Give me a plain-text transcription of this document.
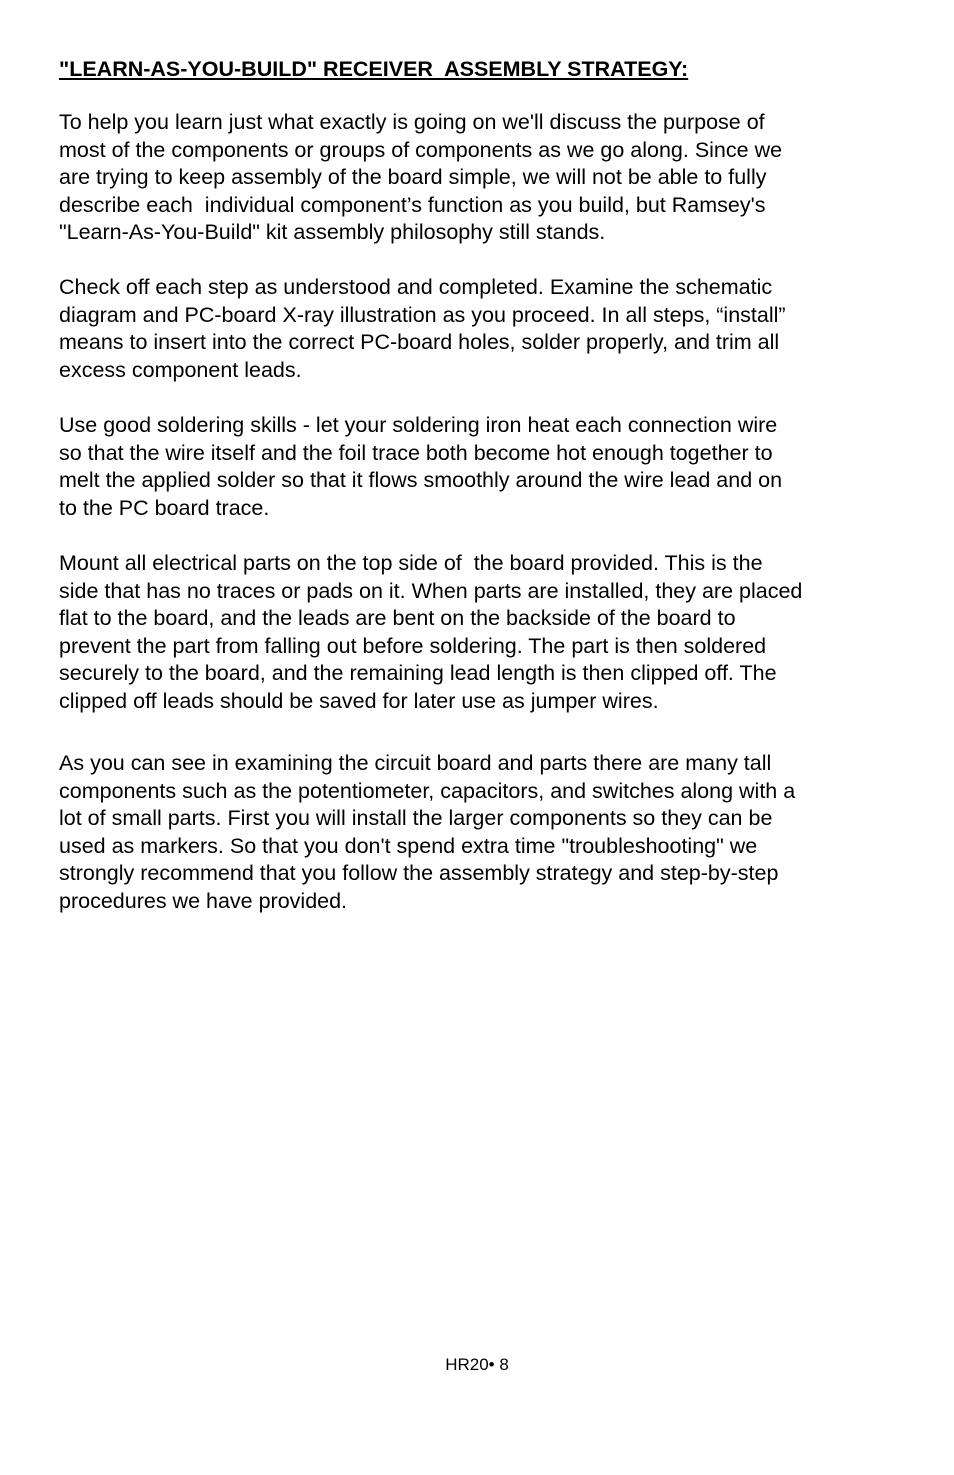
"LEARN-AS-YOU-BUILD" RECEIVER  ASSEMBLY STRATEGY:
To help you learn just what exactly is going on we'll discuss the purpose of
most of the components or groups of components as we go along. Since we
are trying to keep assembly of the board simple, we will not be able to fully
describe each  individual component’s function as you build, but Ramsey's
"Learn-As-You-Build" kit assembly philosophy still stands.
Check off each step as understood and completed. Examine the schematic
diagram and PC-board X-ray illustration as you proceed. In all steps, “install”
means to insert into the correct PC-board holes, solder properly, and trim all
excess component leads.
Use good soldering skills - let your soldering iron heat each connection wire
so that the wire itself and the foil trace both become hot enough together to
melt the applied solder so that it flows smoothly around the wire lead and on
to the PC board trace.
Mount all electrical parts on the top side of  the board provided. This is the
side that has no traces or pads on it. When parts are installed, they are placed
flat to the board, and the leads are bent on the backside of the board to
prevent the part from falling out before soldering. The part is then soldered
securely to the board, and the remaining lead length is then clipped off. The
clipped off leads should be saved for later use as jumper wires.
As you can see in examining the circuit board and parts there are many tall
components such as the potentiometer, capacitors, and switches along with a
lot of small parts. First you will install the larger components so they can be
used as markers. So that you don't spend extra time "troubleshooting" we
strongly recommend that you follow the assembly strategy and step-by-step
procedures we have provided.
HR20• 8
